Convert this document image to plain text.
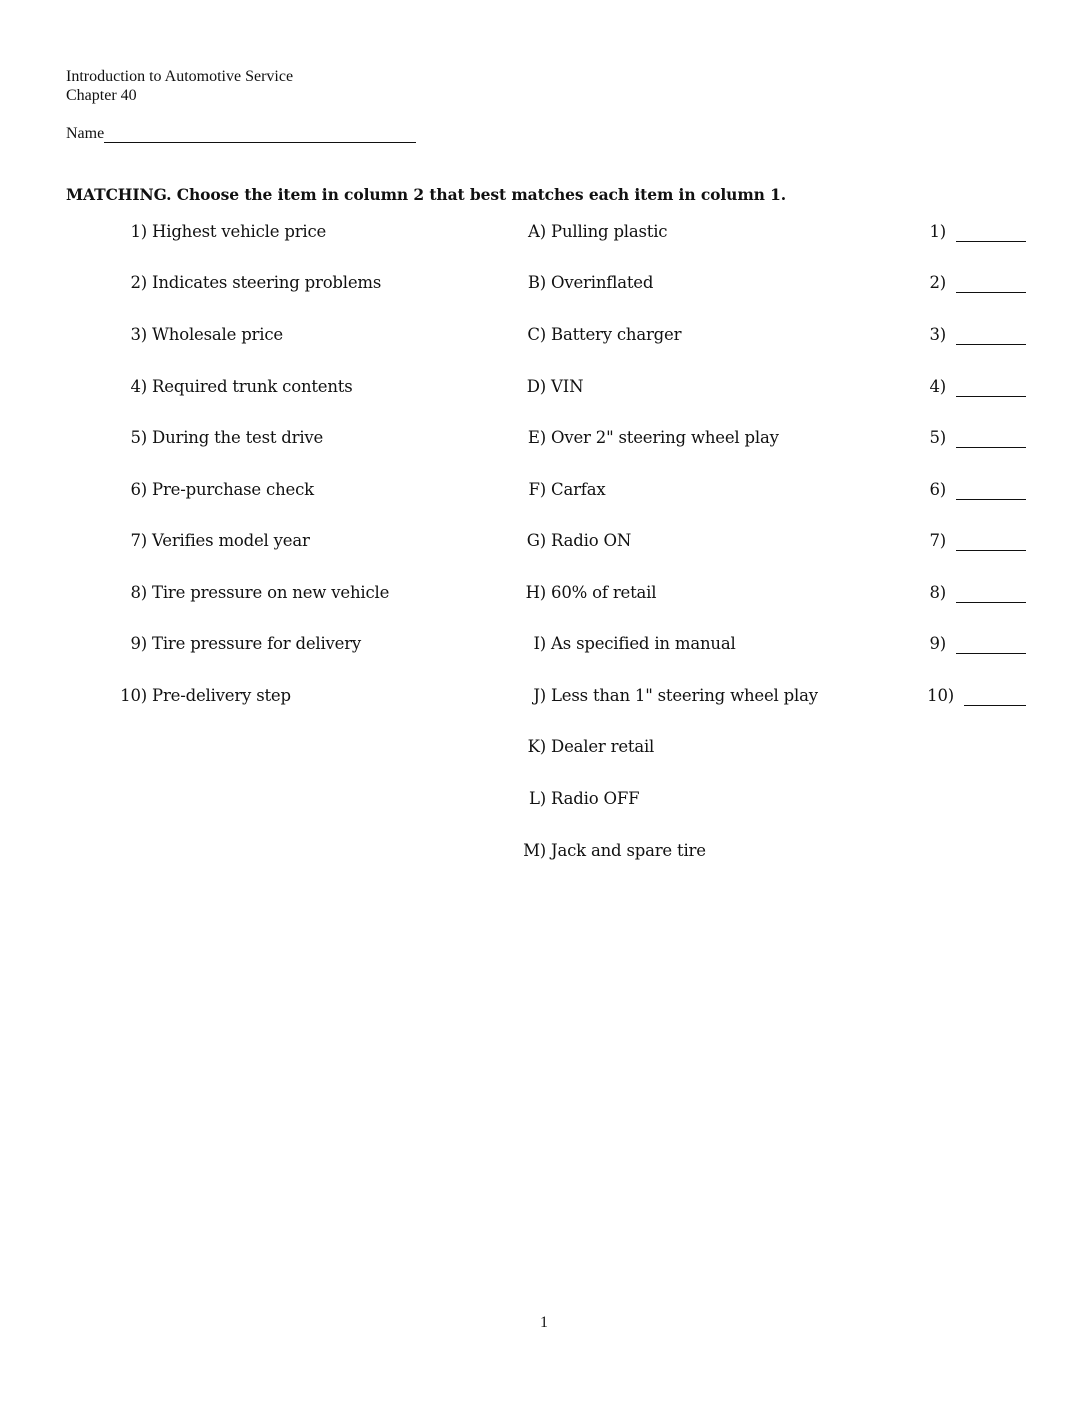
Introduction to Automotive Service
Chapter 40
Name
MATCHING. Choose the item in column 2 that best matches each item in column 1.
1) Highest vehicle price	A) Pulling plastic	1)
2) Indicates steering problems	B) Overinflated	2)
3) Wholesale price	C) Battery charger	3)
4) Required trunk contents	D) VIN	4)
5) During the test drive	E) Over 2" steering wheel play	5)
6) Pre-purchase check	F) Carfax	6)
7) Verifies model year	G) Radio ON	7)
8) Tire pressure on new vehicle	H) 60% of retail	8)
9) Tire pressure for delivery	I) As specified in manual	9)
10) Pre-delivery step	J) Less than 1" steering wheel play	10)
K) Dealer retail
L) Radio OFF
M) Jack and spare tire
1
